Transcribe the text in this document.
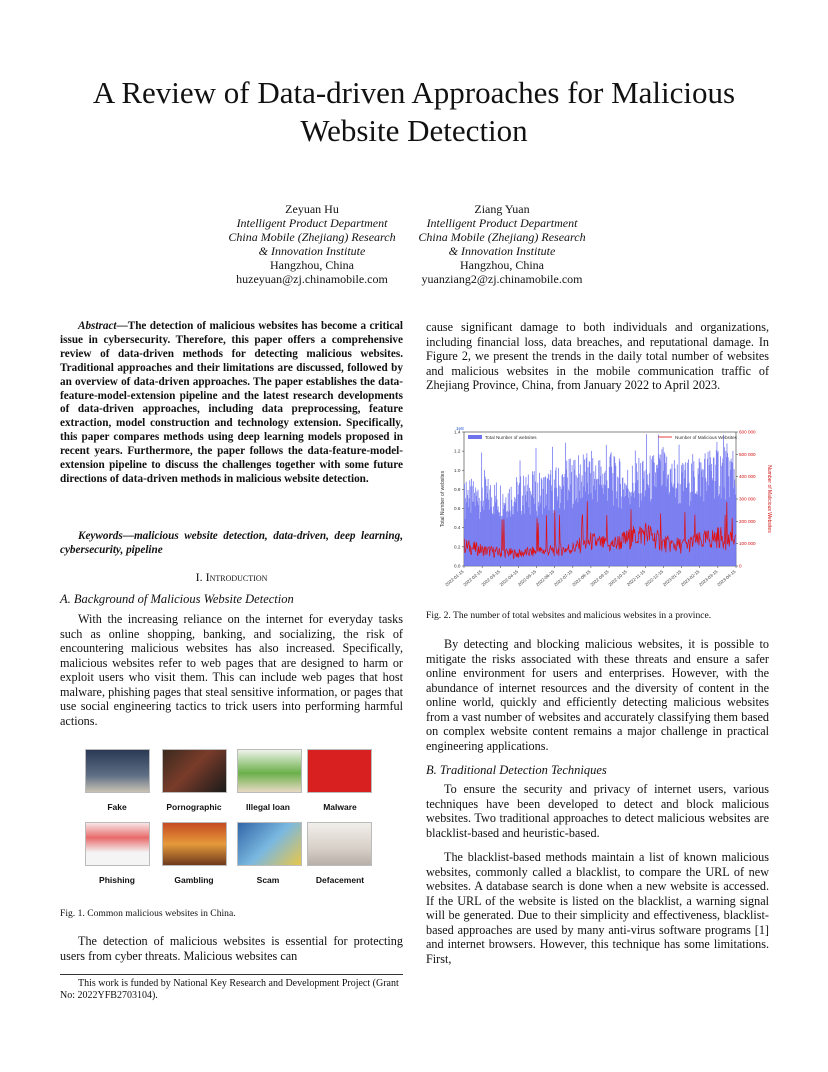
A Review of Data-driven Approaches for Malicious Website Detection
Zeyuan Hu
Intelligent Product Department
China Mobile (Zhejiang) Research
& Innovation Institute
Hangzhou, China
huzeyuan@zj.chinamobile.com
Ziang Yuan
Intelligent Product Department
China Mobile (Zhejiang) Research
& Innovation Institute
Hangzhou, China
yuanziang2@zj.chinamobile.com
Abstract—The detection of malicious websites has become a critical issue in cybersecurity. Therefore, this paper offers a comprehensive review of data-driven methods for detecting malicious websites. Traditional approaches and their limitations are discussed, followed by an overview of data-driven approaches. The paper establishes the data-feature-model-extension pipeline and the latest research developments of data-driven approaches, including data preprocessing, feature extraction, model construction and technology extension. Specifically, this paper compares methods using deep learning models proposed in recent years. Furthermore, the paper follows the data-feature-model-extension pipeline to discuss the challenges together with some future directions of data-driven methods in malicious website detection.
Keywords—malicious website detection, data-driven, deep learning, cybersecurity, pipeline
I. Introduction
A. Background of Malicious Website Detection

With the increasing reliance on the internet for everyday tasks such as online shopping, banking, and socializing, the risk of encountering malicious websites has also increased. Specifically, malicious websites refer to web pages that are designed to harm or exploit users who visit them. This can include web pages that host malware, phishing pages that steal sensitive information, or pages that use social engineering tactics to trick users into performing harmful actions.

Fake	Pornographic	Illegal loan	Malware
Phishing	Gambling	Scam	Defacement
Fig. 1. Common malicious websites in China.

The detection of malicious websites is essential for protecting users from cyber threats. Malicious websites can

This work is funded by National Key Research and Development Project (Grant No: 2022YFB2703104).

cause significant damage to both individuals and organizations, including financial loss, data breaches, and reputational damage. In Figure 2, we present the trends in the daily total number of websites and malicious websites in the mobile communication traffic of Zhejiang Province, China, from January 2022 to April 2023.

0.0
0.2
0.4
0.6
0.8
1.0
1.2
1.4
1e8
0
100 000
200 000
300 000
400 000
500 000
600 000
Total Number of websites	Number of Malicious Websites
2022-01-15
2022-02-15
2022-03-15
2022-04-15
2022-05-15
2022-06-15
2022-07-15
2022-08-15
2022-09-15
2022-10-15
2022-11-15
2022-12-15
2023-01-15
2023-02-15
2023-03-15
2023-04-15
Total Number of websites	Number of Malicious Websites
Fig. 2. The number of total websites and malicious websites in a province.

By detecting and blocking malicious websites, it is possible to mitigate the risks associated with these threats and ensure a safer online environment for users and enterprises. However, with the abundance of internet resources and the diversity of content in the online world, quickly and efficiently detecting malicious websites from a vast number of websites and accurately classifying them based on complex website content remains a major challenge in practical engineering applications.

B. Traditional Detection Techniques

To ensure the security and privacy of internet users, various techniques have been developed to detect and block malicious websites. Two traditional approaches to detect malicious websites are blacklist-based and heuristic-based.

The blacklist-based methods maintain a list of known malicious websites, commonly called a blacklist, to compare the URL of new websites. A database search is done when a new website is accessed. If the URL of the website is listed on the blacklist, a warning signal will be generated. Due to their simplicity and effectiveness, blacklist-based approaches are used by many anti-virus software programs [1] and internet browsers. However, this technique has some limitations. First,
